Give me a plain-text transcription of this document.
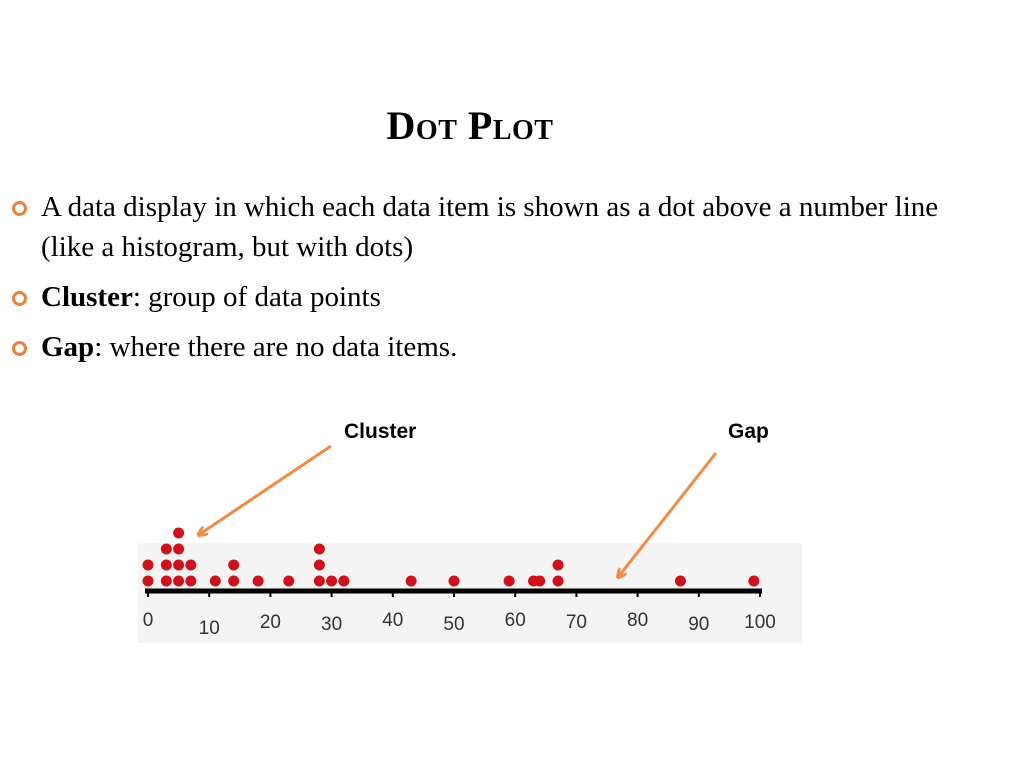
Dot Plot
A data display in which each data item is shown as a dot above a number line (like a histogram, but with dots)
Cluster: group of data points
Gap: where there are no data items.
Cluster	Gap
0 10 20 30 40 50 60 70 80 90 100
